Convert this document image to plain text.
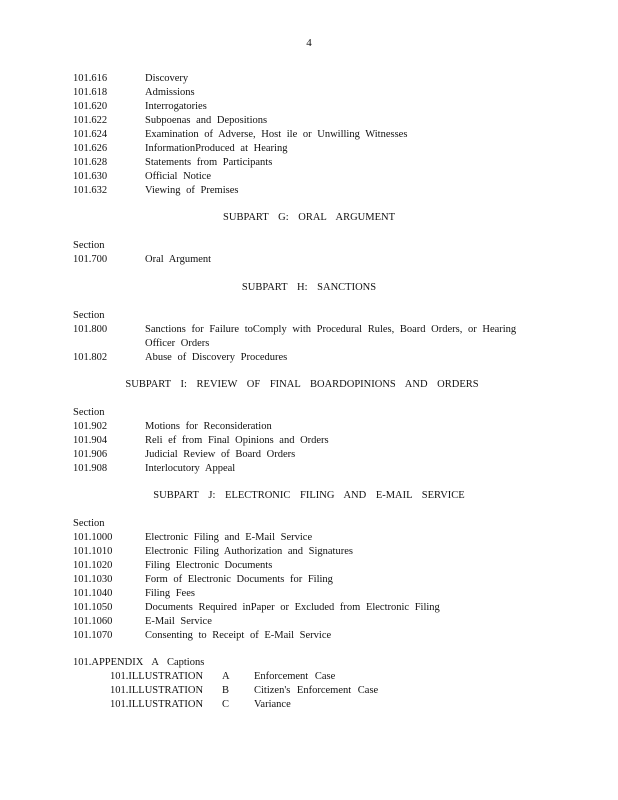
4
101.616	Discovery
101.618	Admissions
101.620	Interrogatories
101.622	Subpoenas and Depositions
101.624	Examination of Adverse, Host ile or Unwilling Witnesses
101.626	InformationProduced at Hearing
101.628	Statements from Participants
101.630	Official Notice
101.632	Viewing of Premises
SUBPART G: ORAL ARGUMENT
Section
101.700	Oral Argument
SUBPART H: SANCTIONS
Section
101.800	Sanctions for Failure toComply with Procedural Rules, Board Orders, or Hearing Officer Orders
101.802	Abuse of Discovery Procedures
SUBPART I: REVIEW OF FINAL BOARDOPINIONS AND ORDERS
Section
101.902	Motions for Reconsideration
101.904	Reli ef from Final Opinions and Orders
101.906	Judicial Review of Board Orders
101.908	Interlocutory Appeal
SUBPART J: ELECTRONIC FILING AND E-MAIL SERVICE
Section
101.1000	Electronic Filing and E-Mail Service
101.1010	Electronic Filing Authorization and Signatures
101.1020	Filing Electronic Documents
101.1030	Form of Electronic Documents for Filing
101.1040	Filing Fees
101.1050	Documents Required inPaper or Excluded from Electronic Filing
101.1060	E-Mail Service
101.1070	Consenting to Receipt of E-Mail Service
101.APPENDIX A Captions
101.ILLUSTRATION	A	Enforcement Case
101.ILLUSTRATION	B	Citizen's Enforcement Case
101.ILLUSTRATION	C	Variance
